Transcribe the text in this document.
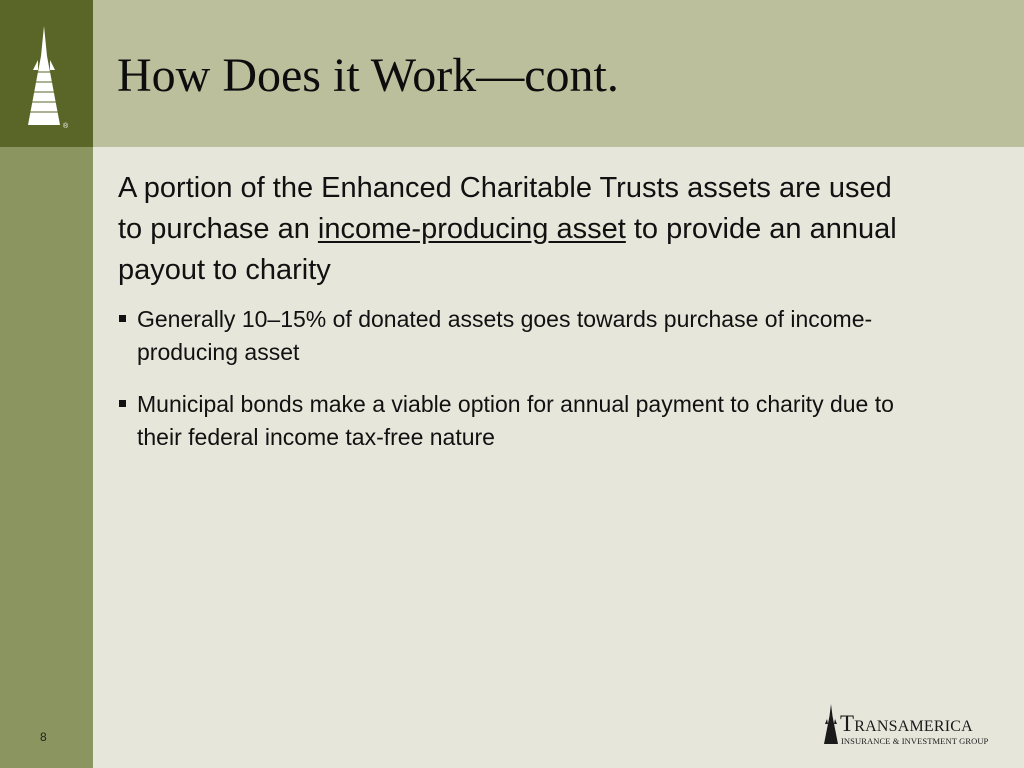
®
How Does it Work—cont.

A portion of the Enhanced Charitable Trusts assets are used to purchase an income-producing asset to provide an annual payout to charity

Generally 10–15% of donated assets goes towards purchase of income-producing asset
Municipal bonds make a viable option for annual payment to charity due to their federal income tax-free nature
8
Transamerica
INSURANCE & INVESTMENT GROUP
